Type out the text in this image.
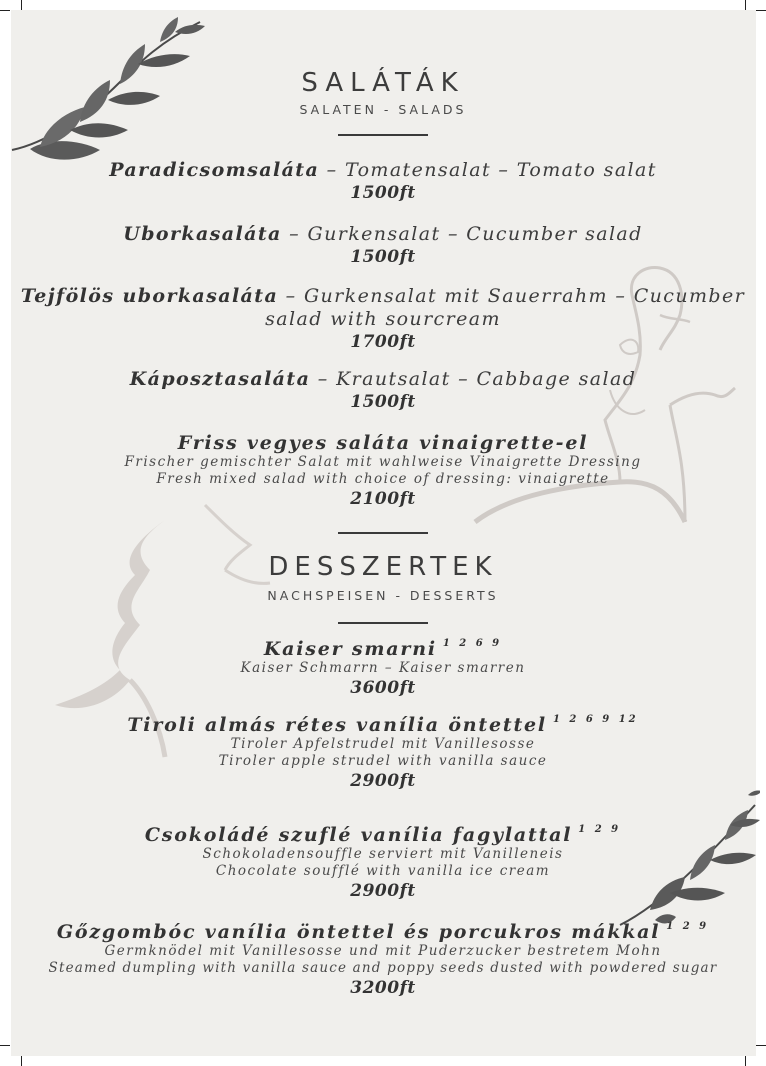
SALÁTÁK
SALATEN - SALADS
Paradicsomsaláta – Tomatensalat – Tomato salat
1500ft
Uborkasaláta – Gurkensalat – Cucumber salad
1500ft
Tejfölös uborkasaláta – Gurkensalat mit Sauerrahm – Cucumber
salad with sourcream
1700ft
Káposztasaláta – Krautsalat – Cabbage salad
1500ft
Friss vegyes saláta vinaigrette-el
Frischer gemischter Salat mit wahlweise Vinaigrette Dressing
Fresh mixed salad with choice of dressing: vinaigrette
2100ft
DESSZERTEK
NACHSPEISEN - DESSERTS
Kaiser smarni $^{1 2 6 9}$
Kaiser Schmarrn – Kaiser smarren
3600ft
Tiroli almás rétes vanília öntettel $^{1 2 6 9 12}$
Tiroler Apfelstrudel mit Vanillesosse
Tiroler apple strudel with vanilla sauce
2900ft
Csokoládé szuflé vanília fagylattal $^{1 2 9}$
Schokoladensouffle serviert mit Vanilleneis
Chocolate soufflé with vanilla ice cream
2900ft
Gőzgombóc vanília öntettel és porcukros mákkal $^{1 2 9}$
Germknödel mit Vanillesosse und mit Puderzucker bestretem Mohn
Steamed dumpling with vanilla sauce and poppy seeds dusted with powdered sugar
3200ft
